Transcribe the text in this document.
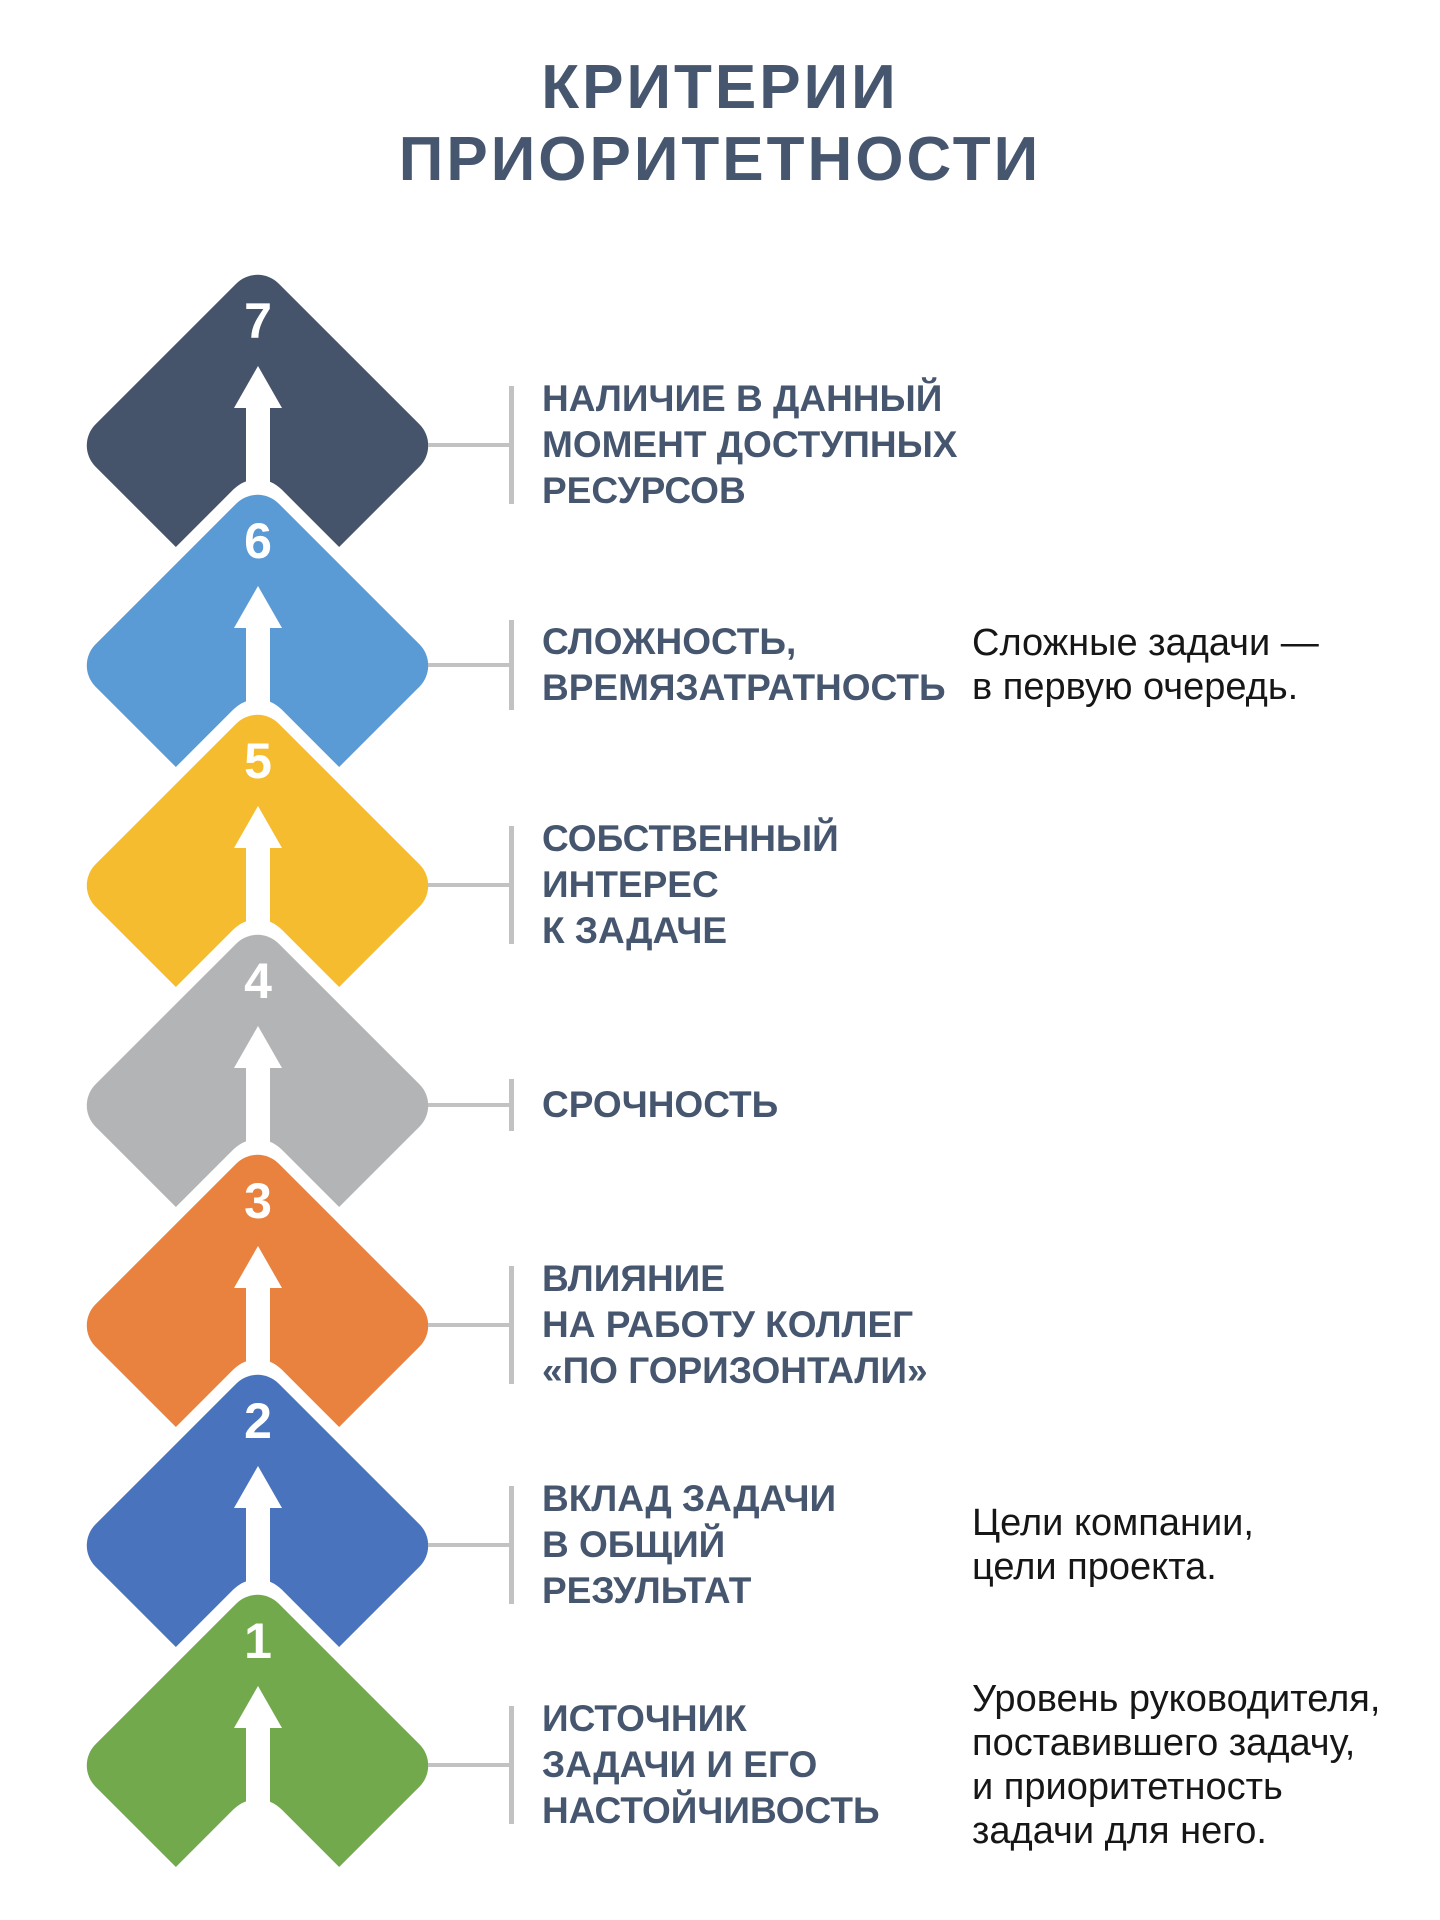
КРИТЕРИИ
ПРИОРИТЕТНОСТИ
7
НАЛИЧИЕ В ДАННЫЙ
МОМЕНТ ДОСТУПНЫХ
РЕСУРСОВ
6
СЛОЖНОСТЬ,
ВРЕМЯЗАТРАТНОСТЬ
Сложные задачи —
в первую очередь.
5
СОБСТВЕННЫЙ
ИНТЕРЕС
К ЗАДАЧЕ
4
СРОЧНОСТЬ
3
ВЛИЯНИЕ
НА РАБОТУ КОЛЛЕГ
«ПО ГОРИЗОНТАЛИ»
2
ВКЛАД ЗАДАЧИ
В ОБЩИЙ
РЕЗУЛЬТАТ
Цели компании,
цели проекта.
1
ИСТОЧНИК
ЗАДАЧИ И ЕГО
НАСТОЙЧИВОСТЬ
Уровень руководителя,
поставившего задачу,
и приоритетность
задачи для него.
